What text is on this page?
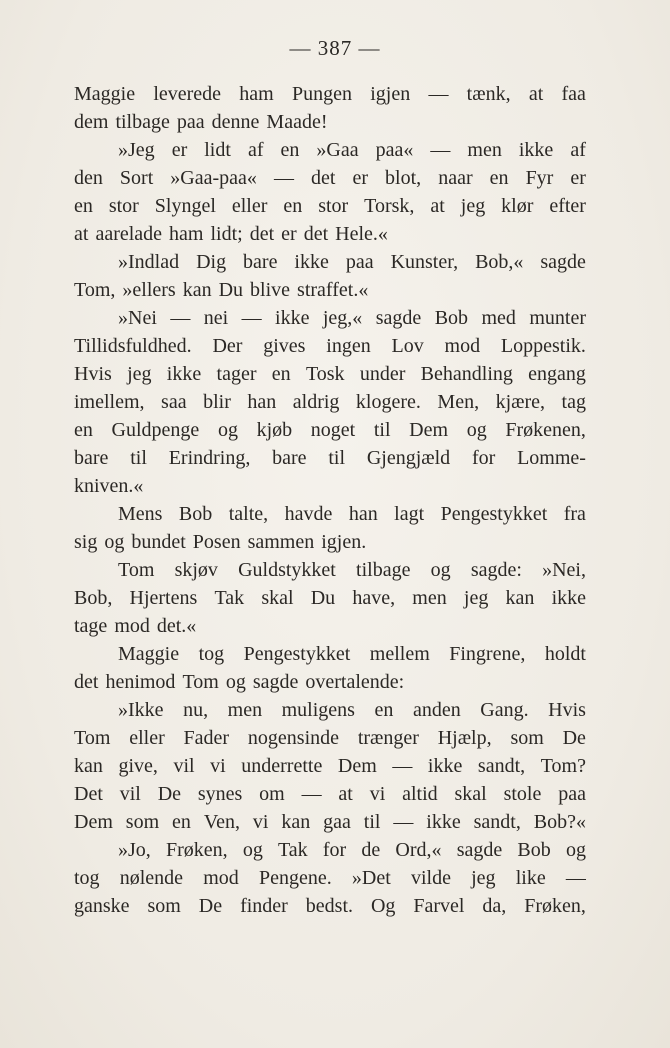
— 387 —
Maggie leverede ham Pungen igjen — tænk, at faa
dem tilbage paa denne Maade!
»Jeg er lidt af en »Gaa paa« — men ikke af
den Sort »Gaa-paa« — det er blot, naar en Fyr er
en stor Slyngel eller en stor Torsk, at jeg klør efter
at aarelade ham lidt; det er det Hele.«
»Indlad Dig bare ikke paa Kunster, Bob,« sagde
Tom, »ellers kan Du blive straffet.«
»Nei — nei — ikke jeg,« sagde Bob med munter
Tillidsfuldhed. Der gives ingen Lov mod Loppestik.
Hvis jeg ikke tager en Tosk under Behandling engang
imellem, saa blir han aldrig klogere. Men, kjære, tag
en Guldpenge og kjøb noget til Dem og Frøkenen,
bare til Erindring, bare til Gjengjæld for Lomme-
kniven.«
Mens Bob talte, havde han lagt Pengestykket fra
sig og bundet Posen sammen igjen.
Tom skjøv Guldstykket tilbage og sagde: »Nei,
Bob, Hjertens Tak skal Du have, men jeg kan ikke
tage mod det.«
Maggie tog Pengestykket mellem Fingrene, holdt
det henimod Tom og sagde overtalende:
»Ikke nu, men muligens en anden Gang. Hvis
Tom eller Fader nogensinde trænger Hjælp, som De
kan give, vil vi underrette Dem — ikke sandt, Tom?
Det vil De synes om — at vi altid skal stole paa
Dem som en Ven, vi kan gaa til — ikke sandt, Bob?«
»Jo, Frøken, og Tak for de Ord,« sagde Bob og
tog nølende mod Pengene. »Det vilde jeg like —
ganske som De finder bedst. Og Farvel da, Frøken,
